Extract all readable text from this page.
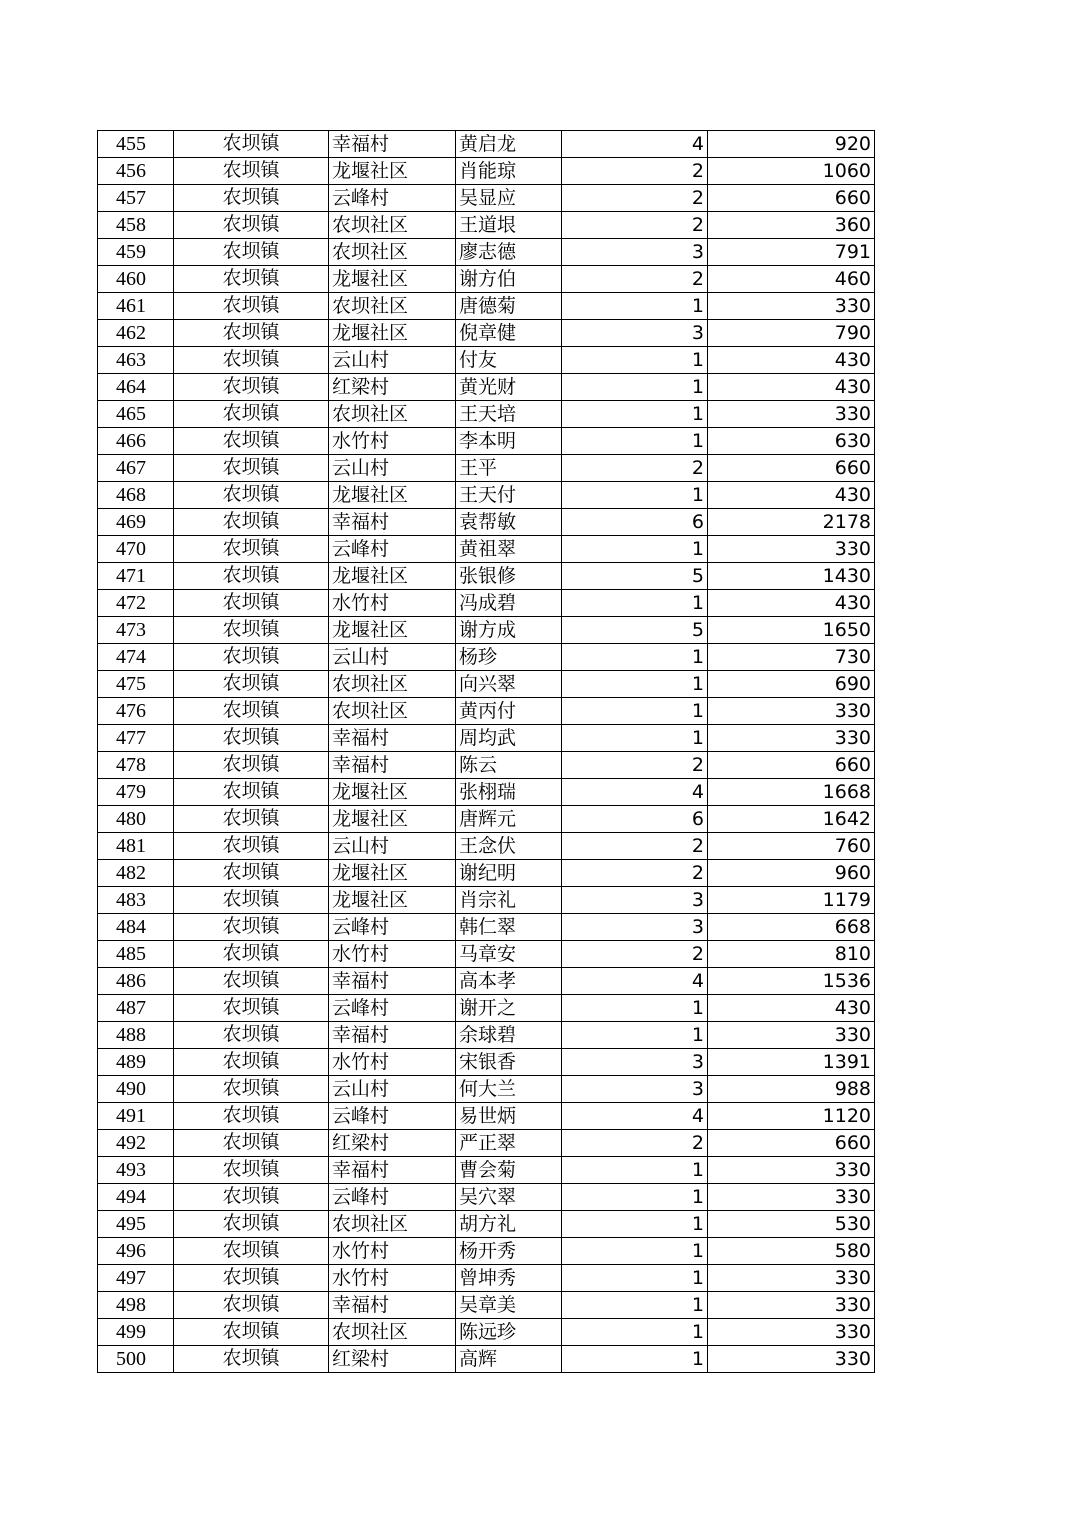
455	农坝镇	幸福村	黄启龙	4	920
456	农坝镇	龙堰社区	肖能琼	2	1060
457	农坝镇	云峰村	吴显应	2	660
458	农坝镇	农坝社区	王道垠	2	360
459	农坝镇	农坝社区	廖志德	3	791
460	农坝镇	龙堰社区	谢方伯	2	460
461	农坝镇	农坝社区	唐德菊	1	330
462	农坝镇	龙堰社区	倪章健	3	790
463	农坝镇	云山村	付友	1	430
464	农坝镇	红梁村	黄光财	1	430
465	农坝镇	农坝社区	王天培	1	330
466	农坝镇	水竹村	李本明	1	630
467	农坝镇	云山村	王平	2	660
468	农坝镇	龙堰社区	王天付	1	430
469	农坝镇	幸福村	袁帮敏	6	2178
470	农坝镇	云峰村	黄祖翠	1	330
471	农坝镇	龙堰社区	张银修	5	1430
472	农坝镇	水竹村	冯成碧	1	430
473	农坝镇	龙堰社区	谢方成	5	1650
474	农坝镇	云山村	杨珍	1	730
475	农坝镇	农坝社区	向兴翠	1	690
476	农坝镇	农坝社区	黄丙付	1	330
477	农坝镇	幸福村	周均武	1	330
478	农坝镇	幸福村	陈云	2	660
479	农坝镇	龙堰社区	张栩瑞	4	1668
480	农坝镇	龙堰社区	唐辉元	6	1642
481	农坝镇	云山村	王念伏	2	760
482	农坝镇	龙堰社区	谢纪明	2	960
483	农坝镇	龙堰社区	肖宗礼	3	1179
484	农坝镇	云峰村	韩仁翠	3	668
485	农坝镇	水竹村	马章安	2	810
486	农坝镇	幸福村	高本孝	4	1536
487	农坝镇	云峰村	谢开之	1	430
488	农坝镇	幸福村	余球碧	1	330
489	农坝镇	水竹村	宋银香	3	1391
490	农坝镇	云山村	何大兰	3	988
491	农坝镇	云峰村	易世炳	4	1120
492	农坝镇	红梁村	严正翠	2	660
493	农坝镇	幸福村	曹会菊	1	330
494	农坝镇	云峰村	吴穴翠	1	330
495	农坝镇	农坝社区	胡方礼	1	530
496	农坝镇	水竹村	杨开秀	1	580
497	农坝镇	水竹村	曾坤秀	1	330
498	农坝镇	幸福村	吴章美	1	330
499	农坝镇	农坝社区	陈远珍	1	330
500	农坝镇	红梁村	高辉	1	330
